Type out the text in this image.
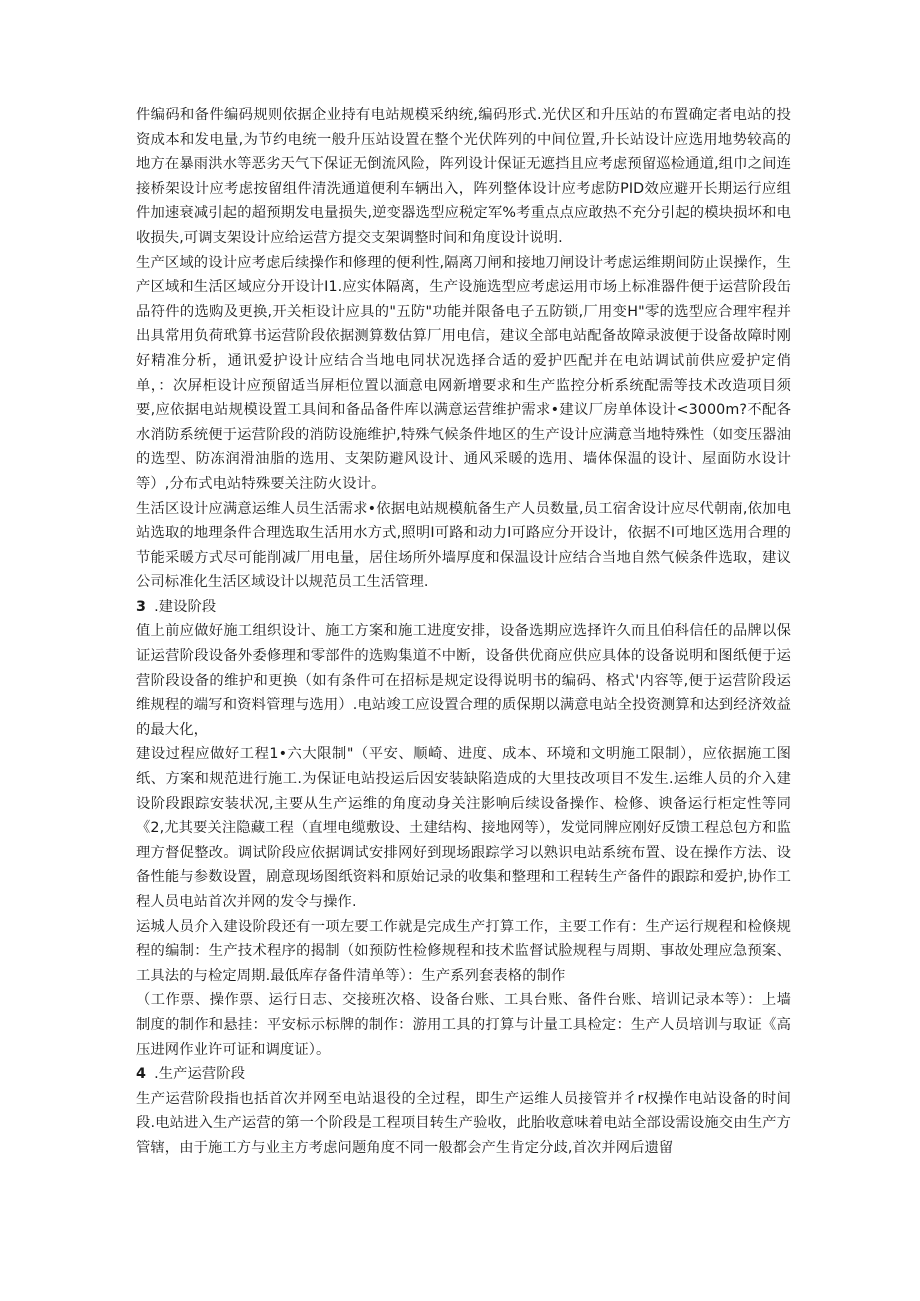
件编码和备件编码规则依据企业持有电站规模采纳统,编码形式.光伏区和升压站的布置确定者电站的投资成本和发电量,为节约电统一般升压站设置在整个光伏阵列的中间位置,升长站设计应选用地势较高的地方在暴雨洪水等恶劣天气下保证无倒流风险，阵列设计保证无遮挡且应考虑预留巡检通道,组巾之间连接桥架设计应考虑按留组件清洗通道便利车辆出入，阵列整体设计应考虑防PID效应避开长期运行应组件加速衰减引起的超预期发电量损失,逆变器选型应税定军%考重点点应敢热不充分引起的模块损坏和电收损失,可调支架设计应给运营方提交支架调整时间和角度设计说明.

生产区域的设计应考虑后续操作和修理的便利性,隔离刀闸和接地刀闸设计考虑运维期间防止误操作，生产区域和生活区域应分开设计I1.应实体隔离，生产设施选型应考虑运用市场上标准器件便于运营阶段缶品符件的选购及更换,开关柜设计应具的"五防"功能并限备电子五防锁,厂用变H"零的选型应合理牢程并出具常用负荷玳算书运营阶段依据测算数估算厂用电信，建议全部电站配备故障录波便于设备故障时刚好精准分析，通讯爱护设计应结合当地电同状况选择合适的爱护匹配并在电站调试前供应爱护定俏单，：次屏柜设计应预留适当屏柜位置以湎意电网新增要求和生产监控分析系统配需等技术改造项目须要,应依据电站规模设置工具间和备品备件库以满意运营维护需求•建议厂房单体设计<3000m?不配各水消防系统便于运营阶段的消防设施维护,特殊气候条件地区的生产设计应满意当地特殊性（如变压器油的选型、防冻润滑油脂的选用、支架防避风设计、通风采暖的选用、墙体保温的设计、屋面防水设计等）,分布式电站特殊要关注防火设计。

生活区设计应满意运维人员生活需求•依据电站规模航备生产人员数量,员工宿舍设计应尽代朝南,依加电站选取的地理条件合理选取生活用水方式,照明I可路和动力I可路应分开设计，依据不I可地区选用合理的节能采暖方式尽可能削减厂用电量，居住场所外墙厚度和保温设计应结合当地自然气候条件选取，建议公司标准化生活区域设计以规范员工生活管理.

3 .建设阶段

值上前应做好施工组织设计、施工方案和施工进度安排，设备选期应选择许久而且伯科信任的品牌以保证运营阶段设备外委修理和零部件的选购集道不中断，设备供优商应供应具体的设备说明和图纸便于运营阶段设备的维护和更换（如有条件可在招标是规定设得说明书的编码、格式'内容等,便于运营阶段运维规程的端写和资料管理与选用）.电站竣工应设置合理的质保期以满意电站全投资测算和达到经济效益的最大化，

建设过程应做好工程1•六大限制"（平安、顺崎、进度、成本、环境和文明施工限制），应依据施工图纸、方案和规范进行施工.为保证电站投运后因安装缺陷造成的大里技改项目不发生.运维人员的介入建设阶段跟踪安装状况,主要从生产运维的角度动身关注影响后续设备操作、检修、谀备运行柜定性等同《2,尤其要关注隐藏工程（直埋电缆敷设、土建结构、接地网等），发觉同牌应刚好反馈工程总包方和监理方督促整改。调试阶段应依据调试安排网好到现场跟踪学习以熟识电站系统布置、设在操作方法、设备性能与参数设置，剧意现场图纸资料和原始记录的收集和整理和工程转生产备件的跟踪和爱护,协作工程人员电站首次并网的发令与操作.

运城人员介入建设阶段还有一项左要工作就是完成生产打算工作，主要工作有：生产运行规程和检倏规程的编制：生产技术程序的揭制（如预防性检修规程和技术监督试脸规程与周期、事故处理应急预案、工具法的与检定周期.最低库存备件清单等）：生产系列套表格的制作

（工作票、操作票、运行日志、交接班次格、设备台账、工具台账、备件台账、培训记录本等）：上墙制度的制作和悬挂：平安标示标牌的制作：游用工具的打算与计量工具检定：生产人员培训与取证《高压进网作业许可证和调度证）。

4 .生产运营阶段

生产运营阶段指也括首次并网至电站退役的全过程，即生产运维人员接管并彳r权操作电站设备的时间段.电站进入生产运营的第一个阶段是工程项目转生产验收，此胎收意味着电站全部设需设施交由生产方管辖，由于施工方与业主方考虑问题角度不同一般都会产生肯定分歧,首次并网后遗留
